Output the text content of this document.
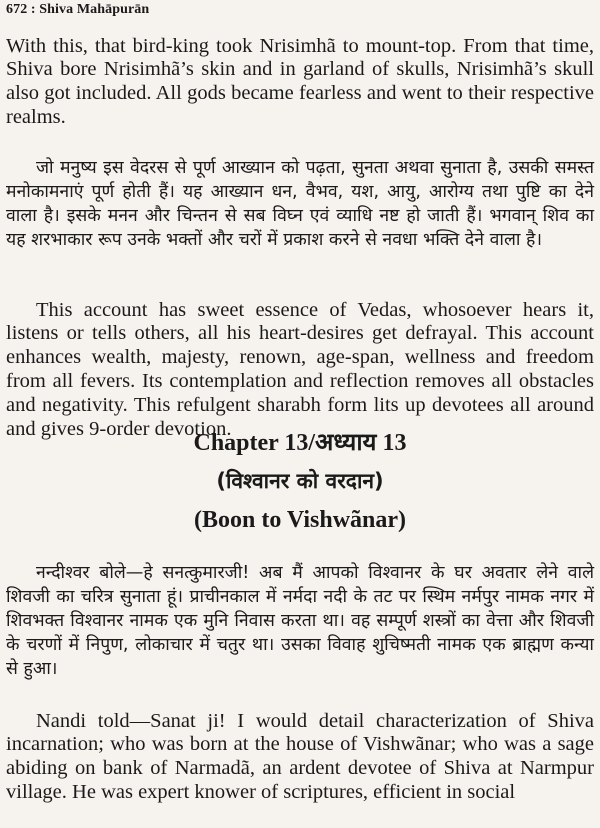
672 : Shiva Mahāpurān

With this, that bird-king took Nrisimhã to mount-top. From that time, Shiva bore Nrisimhã’s skin and in garland of skulls, Nrisimhã’s skull also got included. All gods became fearless and went to their respective realms.

जो मनुष्य इस वेदरस से पूर्ण आख्यान को पढ़ता, सुनता अथवा सुनाता है, उसकी समस्त मनोकामनाएं पूर्ण होती हैं। यह आख्यान धन, वैभव, यश, आयु, आरोग्य तथा पुष्टि का देने वाला है। इसके मनन और चिन्तन से सब विघ्न एवं व्याधि नष्ट हो जाती हैं। भगवान् शिव का यह शरभाकार रूप उनके भक्तों और चरों में प्रकाश करने से नवधा भक्ति देने वाला है।

This account has sweet essence of Vedas, whosoever hears it, listens or tells others, all his heart-desires get defrayal. This account enhances wealth, majesty, renown, age-span, wellness and freedom from all fevers. Its contemplation and reflection removes all obstacles and negativity. This refulgent sharabh form lits up devotees all around and gives 9-order devotion.

Chapter 13/अध्याय 13
(विश्वानर को वरदान)
(Boon to Vishwãnar)

नन्दीश्वर बोले—हे सनत्कुमारजी! अब मैं आपको विश्वानर के घर अवतार लेने वाले शिवजी का चरित्र सुनाता हूं। प्राचीनकाल में नर्मदा नदी के तट पर स्थिम नर्मपुर नामक नगर में शिवभक्त विश्वानर नामक एक मुनि निवास करता था। वह सम्पूर्ण शस्त्रों का वेत्ता और शिवजी के चरणों में निपुण, लोकाचार में चतुर था। उसका विवाह शुचिष्मती नामक एक ब्राह्मण कन्या से हुआ।

Nandi told—Sanat ji! I would detail characterization of Shiva incarnation; who was born at the house of Vishwãnar; who was a sage abiding on bank of Narmadã, an ardent devotee of Shiva at Narmpur village. He was expert knower of scriptures, efficient in social
